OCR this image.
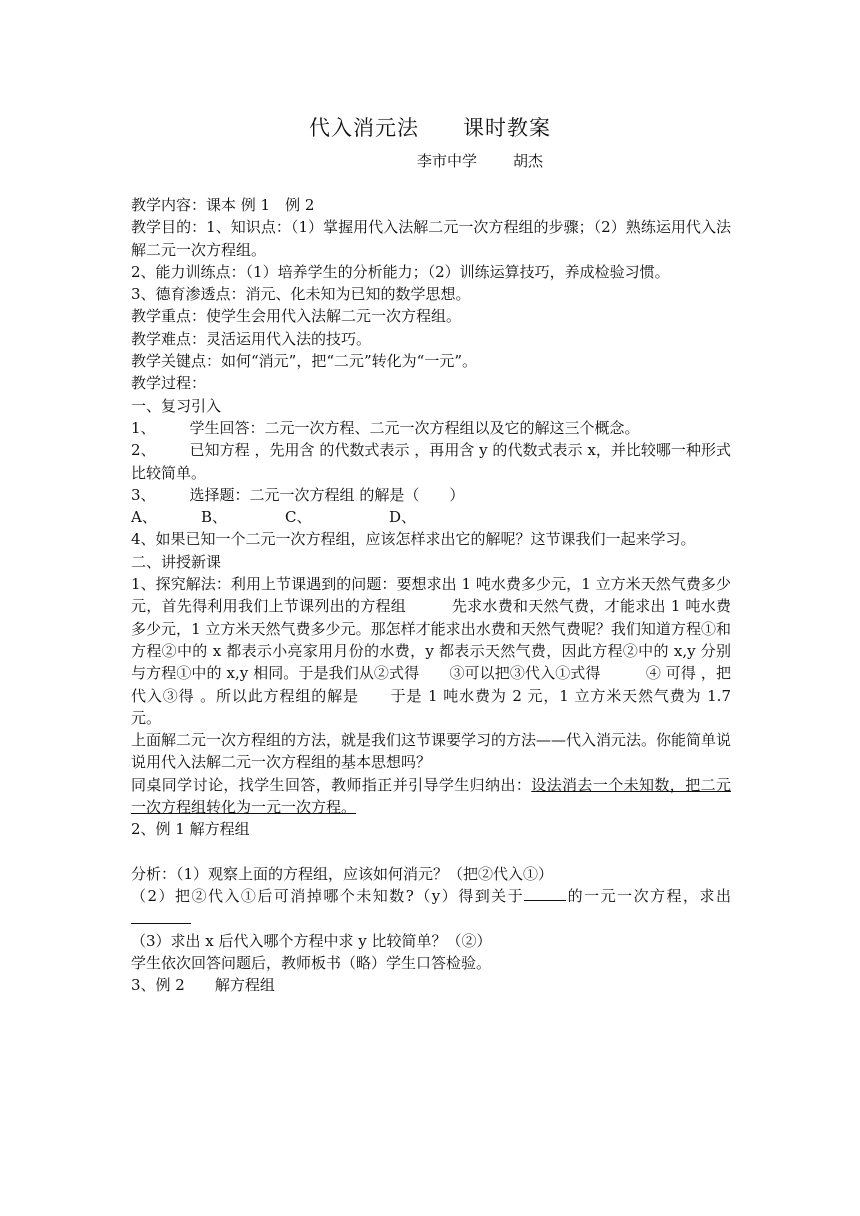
代入消元法 课时教案
李市中学 胡杰

教学内容：课本 例 1　例 2

教学目的：1、知识点：（1）掌握用代入法解二元一次方程组的步骤；（2）熟练运用代入法解二元一次方程组。

2、能力训练点：（1）培养学生的分析能力；（2）训练运算技巧，养成检验习惯。

3、德育渗透点：消元、化未知为已知的数学思想。

教学重点：使学生会用代入法解二元一次方程组。

教学难点：灵活运用代入法的技巧。

教学关键点：如何“消元”，把“二元”转化为“一元”。

教学过程：

一、复习引入

1、 学生回答：二元一次方程、二元一次方程组以及它的解这三个概念。

2、 已知方程 ，先用含 的代数式表示 ，再用含 y 的代数式表示 x，并比较哪一种形式比较简单。

3、 选择题：二元一次方程组 的解是（　　）

A、	B、	C、	D、

4、如果已知一个二元一次方程组，应该怎样求出它的解呢？这节课我们一起来学习。

二、讲授新课

1、探究解法：利用上节课遇到的问题：要想求出 1 吨水费多少元，1 立方米天然气费多少元，首先得利用我们上节课列出的方程组　　　先求水费和天然气费，才能求出 1 吨水费多少元，1 立方米天然气费多少元。那怎样才能求出水费和天然气费呢？我们知道方程①和方程②中的 x 都表示小亮家用月份的水费，y 都表示天然气费，因此方程②中的 x,y 分别与方程①中的 x,y 相同。于是我们从②式得　　③可以把③代入①式得　　　④ 可得 ，把 代入③得 。所以此方程组的解是　　于是 1 吨水费为 2 元，1 立方米天然气费为 1.7 元。

上面解二元一次方程组的方法，就是我们这节课要学习的方法——代入消元法。你能简单说说用代入法解二元一次方程组的基本思想吗？

同桌同学讨论，找学生回答，教师指正并引导学生归纳出：设法消去一个未知数，把二元一次方程组转化为一元一次方程。

2、例 1 解方程组

分析：（1）观察上面的方程组，应该如何消元？（把②代入①）

（2）把②代入①后可消掉哪个未知数?（y）得到关于	的一元一次方程，求出

（3）求出 x 后代入哪个方程中求 y 比较简单？（②）

学生依次回答问题后，教师板书（略）学生口答检验。

3、例 2　　解方程组
